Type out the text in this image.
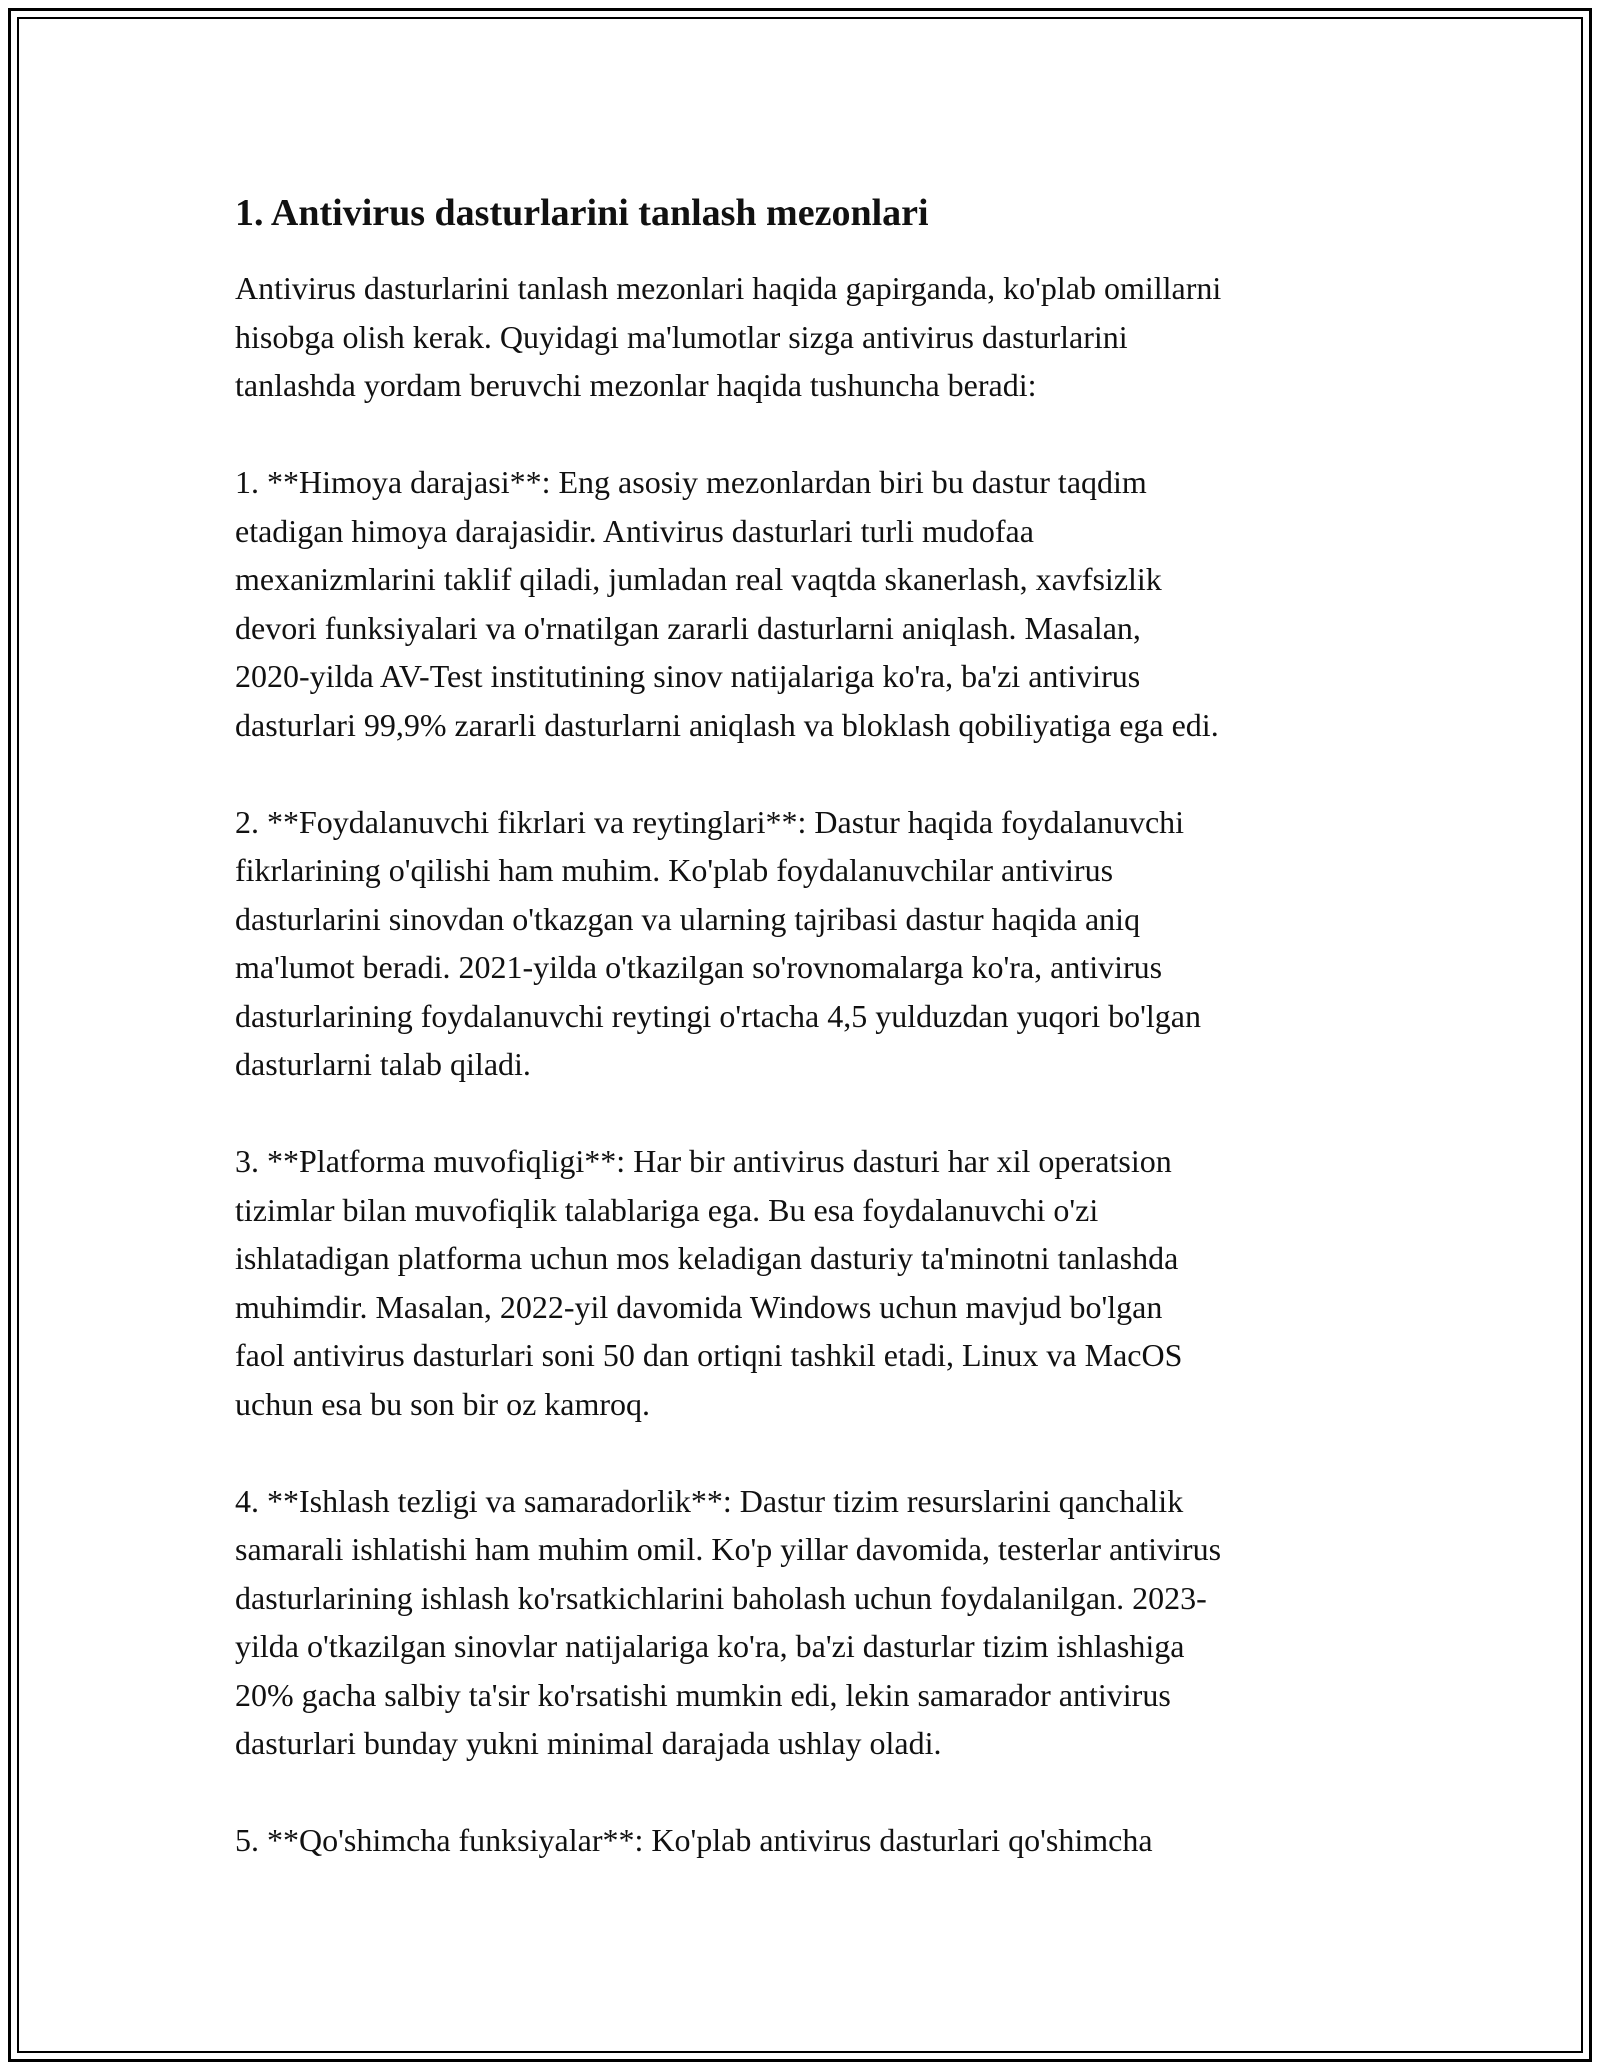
1. Antivirus dasturlarini tanlash mezonlari
Antivirus dasturlarini tanlash mezonlari haqida gapirganda, ko'plab omillarni
hisobga olish kerak. Quyidagi ma'lumotlar sizga antivirus dasturlarini
tanlashda yordam beruvchi mezonlar haqida tushuncha beradi:
1. **Himoya darajasi**: Eng asosiy mezonlardan biri bu dastur taqdim
etadigan himoya darajasidir. Antivirus dasturlari turli mudofaa
mexanizmlarini taklif qiladi, jumladan real vaqtda skanerlash, xavfsizlik
devori funksiyalari va o'rnatilgan zararli dasturlarni aniqlash. Masalan,
2020-yilda AV-Test institutining sinov natijalariga ko'ra, ba'zi antivirus
dasturlari 99,9% zararli dasturlarni aniqlash va bloklash qobiliyatiga ega edi.
2. **Foydalanuvchi fikrlari va reytinglari**: Dastur haqida foydalanuvchi
fikrlarining o'qilishi ham muhim. Ko'plab foydalanuvchilar antivirus
dasturlarini sinovdan o'tkazgan va ularning tajribasi dastur haqida aniq
ma'lumot beradi. 2021-yilda o'tkazilgan so'rovnomalarga ko'ra, antivirus
dasturlarining foydalanuvchi reytingi o'rtacha 4,5 yulduzdan yuqori bo'lgan
dasturlarni talab qiladi.
3. **Platforma muvofiqligi**: Har bir antivirus dasturi har xil operatsion
tizimlar bilan muvofiqlik talablariga ega. Bu esa foydalanuvchi o'zi
ishlatadigan platforma uchun mos keladigan dasturiy ta'minotni tanlashda
muhimdir. Masalan, 2022-yil davomida Windows uchun mavjud bo'lgan
faol antivirus dasturlari soni 50 dan ortiqni tashkil etadi, Linux va MacOS
uchun esa bu son bir oz kamroq.
4. **Ishlash tezligi va samaradorlik**: Dastur tizim resurslarini qanchalik
samarali ishlatishi ham muhim omil. Ko'p yillar davomida, testerlar antivirus
dasturlarining ishlash ko'rsatkichlarini baholash uchun foydalanilgan. 2023-
yilda o'tkazilgan sinovlar natijalariga ko'ra, ba'zi dasturlar tizim ishlashiga
20% gacha salbiy ta'sir ko'rsatishi mumkin edi, lekin samarador antivirus
dasturlari bunday yukni minimal darajada ushlay oladi.
5. **Qo'shimcha funksiyalar**: Ko'plab antivirus dasturlari qo'shimcha
